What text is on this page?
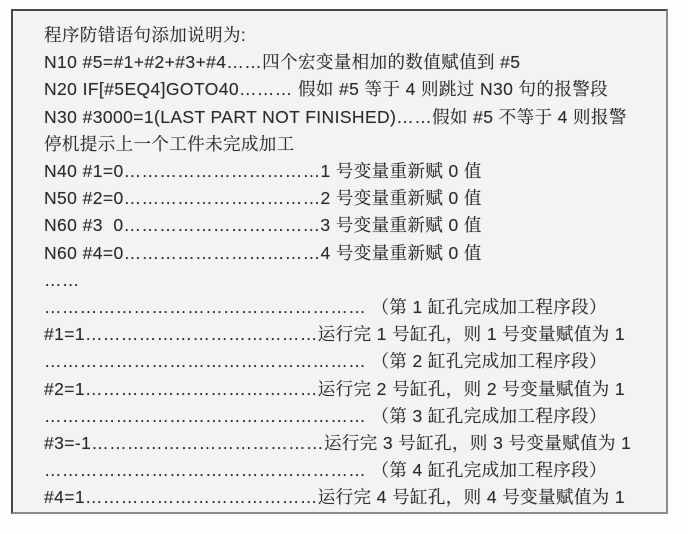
程序防错语句添加说明为:
N10 #5=#1+#2+#3+#4……四个宏变量相加的数值赋值到 #5
N20 IF[#5EQ4]GOTO40……… 假如 #5 等于 4 则跳过 N30 句的报警段
N30 #3000=1(LAST PART NOT FINISHED)……假如 #5 不等于 4 则报警
停机提示上一个工件未完成加工
N40 #1=0……………………………1 号变量重新赋 0 值
N50 #2=0……………………………2 号变量重新赋 0 值
N60 #3  0……………………………3 号变量重新赋 0 值
N60 #4=0……………………………4 号变量重新赋 0 值
……
……………………………………………… （第 1 缸孔完成加工程序段）
#1=1…………………………………运行完 1 号缸孔，则 1 号变量赋值为 1
……………………………………………… （第 2 缸孔完成加工程序段）
#2=1…………………………………运行完 2 号缸孔，则 2 号变量赋值为 1
……………………………………………… （第 3 缸孔完成加工程序段）
#3=-1…………………………………运行完 3 号缸孔，则 3 号变量赋值为 1
……………………………………………… （第 4 缸孔完成加工程序段）
#4=1…………………………………运行完 4 号缸孔，则 4 号变量赋值为 1
